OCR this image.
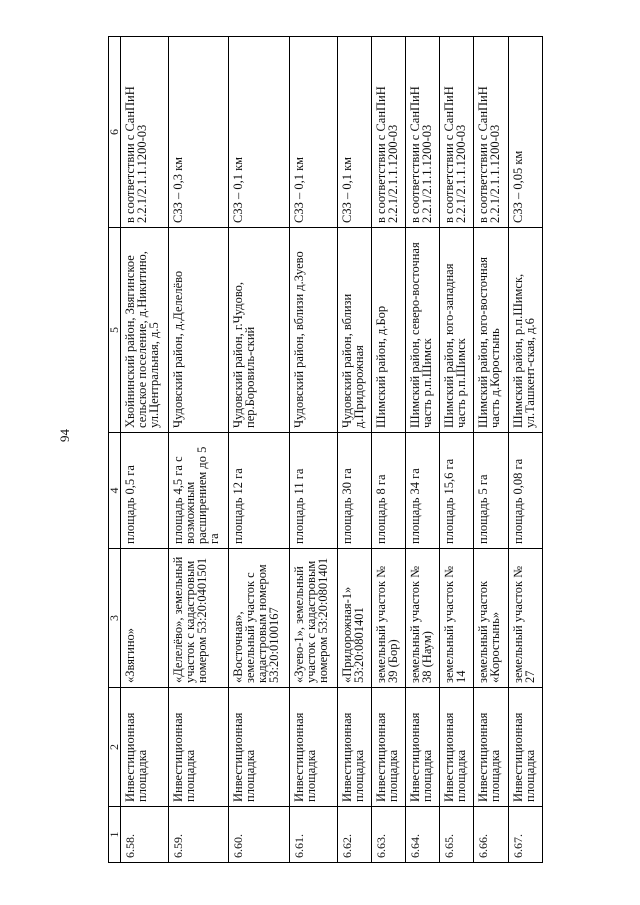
94
1	2	3	4	5	6
6.58.	Инвестиционная площадка	«Звягино»	площадь 0,5 га	Хвойнинский район, Звягинское сельское поселение, д.Никитино, ул.Центральная, д.5	в соответствии с СанПиН 2.2.1/2.1.1.1200-03
6.59.	Инвестиционная площадка	«Делелёво», земельный участок с кадастровым номером 53:20:0401501	площадь 4,5 га с возможным расширением до 5 га	Чудовский район, д.Делелёво	СЗЗ – 0,3 км
6.60.	Инвестиционная площадка	«Восточная», земельный участок с кадастровым номером 53:20:0100167	площадь 12 га	Чудовский район, г.Чудово, пер.Боровиль-ский	СЗЗ – 0,1 км
6.61.	Инвестиционная площадка	«Зуево-1», земельный участок с кадастровым номером 53:20:0801401	площадь 11 га	Чудовский район, вблизи д.Зуево	СЗЗ – 0,1 км
6.62.	Инвестиционная площадка	«Придорожная-1» 53:20:0801401	площадь 30 га	Чудовский район, вблизи д.Придорожная	СЗЗ – 0,1 км
6.63.	Инвестиционная площадка	земельный участок № 39 (Бор)	площадь 8 га	Шимский район, д.Бор	в соответствии с СанПиН 2.2.1/2.1.1.1200-03
6.64.	Инвестиционная площадка	земельный участок № 38 (Наум)	площадь 34 га	Шимский район, северо-восточная часть р.п.Шимск	в соответствии с СанПиН 2.2.1/2.1.1.1200-03
6.65.	Инвестиционная площадка	земельный участок № 14	площадь 15,6 га	Шимский район, юго-западная часть р.п.Шимск	в соответствии с СанПиН 2.2.1/2.1.1.1200-03
6.66.	Инвестиционная площадка	земельный участок «Коростынь»	площадь 5 га	Шимский район, юго-восточная часть д.Коростынь	в соответствии с СанПиН 2.2.1/2.1.1.1200-03
6.67.	Инвестиционная площадка	земельный участок № 27	площадь 0,08 га	Шимский район, р.п.Шимск, ул.Ташкент-ская, д.6	СЗЗ – 0,05 км
